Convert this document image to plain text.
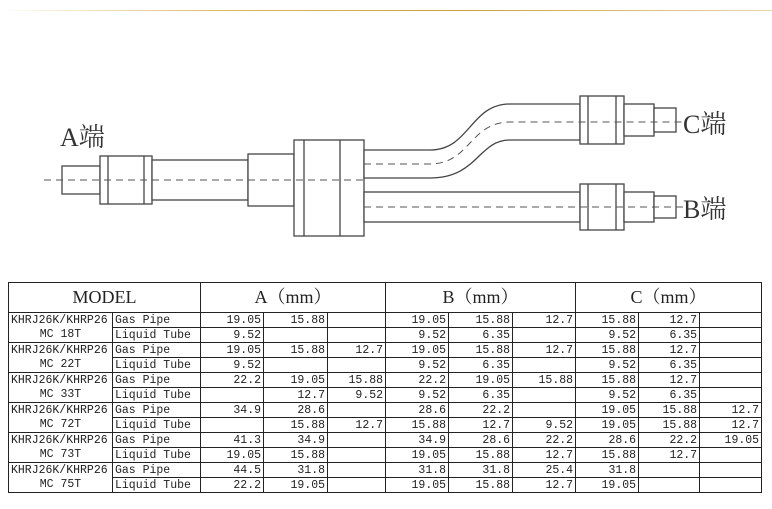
A端	C端
B端
MODEL		A（mm）			B（mm）			C（mm）		
KHRJ26K/KHRP26	Gas Pipe	19.05	15.88		19.05	15.88	12.7	15.88	12.7	
MC 18T	Liquid Tube	9.52			9.52	6.35		9.52	6.35	
KHRJ26K/KHRP26	Gas Pipe	19.05	15.88	12.7	19.05	15.88	12.7	15.88	12.7	
MC 22T	Liquid Tube	9.52			9.52	6.35		9.52	6.35	
KHRJ26K/KHRP26	Gas Pipe	22.2	19.05	15.88	22.2	19.05	15.88	15.88	12.7	
MC 33T	Liquid Tube		12.7	9.52	9.52	6.35		9.52	6.35	
KHRJ26K/KHRP26	Gas Pipe	34.9	28.6		28.6	22.2		19.05	15.88	12.7
MC 72T	Liquid Tube		15.88	12.7	15.88	12.7	9.52	19.05	15.88	12.7
KHRJ26K/KHRP26	Gas Pipe	41.3	34.9		34.9	28.6	22.2	28.6	22.2	19.05
MC 73T	Liquid Tube	19.05	15.88		19.05	15.88	12.7	15.88	12.7	
KHRJ26K/KHRP26	Gas Pipe	44.5	31.8		31.8	31.8	25.4	31.8		
MC 75T	Liquid Tube	22.2	19.05		19.05	15.88	12.7	19.05		
